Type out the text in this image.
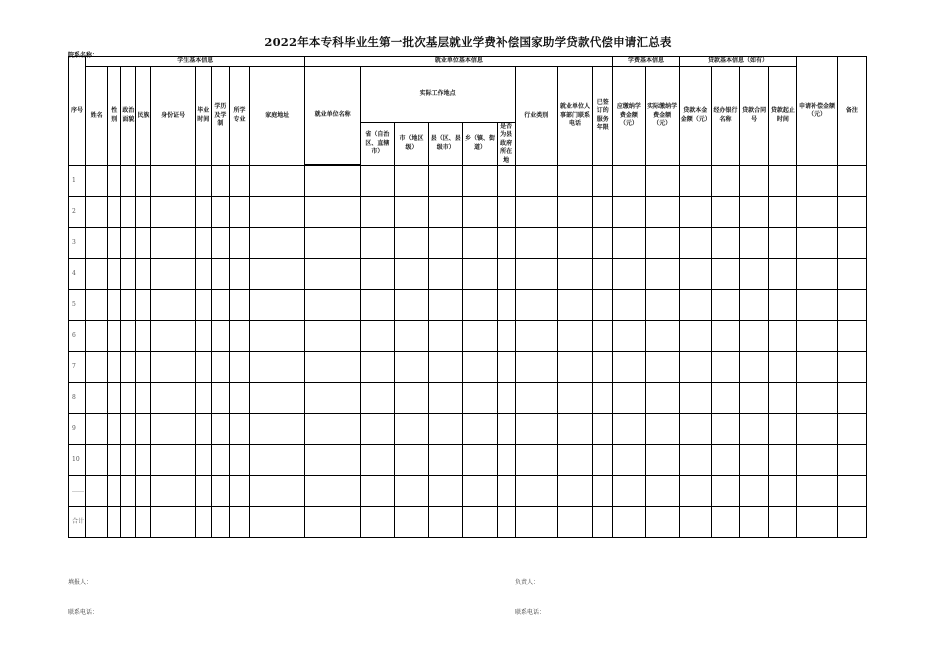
2022年本专科毕业生第一批次基层就业学费补偿国家助学贷款代偿申请汇总表
院系名称：
序号	学生基本信息									就业单位基本信息									学费基本信息		贷款基本信息（如有）				申请补偿金额（元）	备注
	姓名	性别	政治面貌	民族	身份证号	毕业时间	学历及学制	所学专业	家庭地址	就业单位名称	实际工作地点					行业类别	就业单位人事部门联系电话	已签订的服务年限	应缴纳学费金额（元）	实际缴纳学费金额（元）	贷款本金金额（元）	经办银行名称	贷款合同号	贷款起止时间		
											省（自治区、直辖市）	市（地区级）	县（区、县级市）	乡（镇、街道）	是否为县政府所在地											

1																										
2																										
3																										
4																										
5																										
6																										
7																										
8																										
9																										
10																										
……																										
合计																										
填报人：	负责人：
联系电话：	联系电话：
